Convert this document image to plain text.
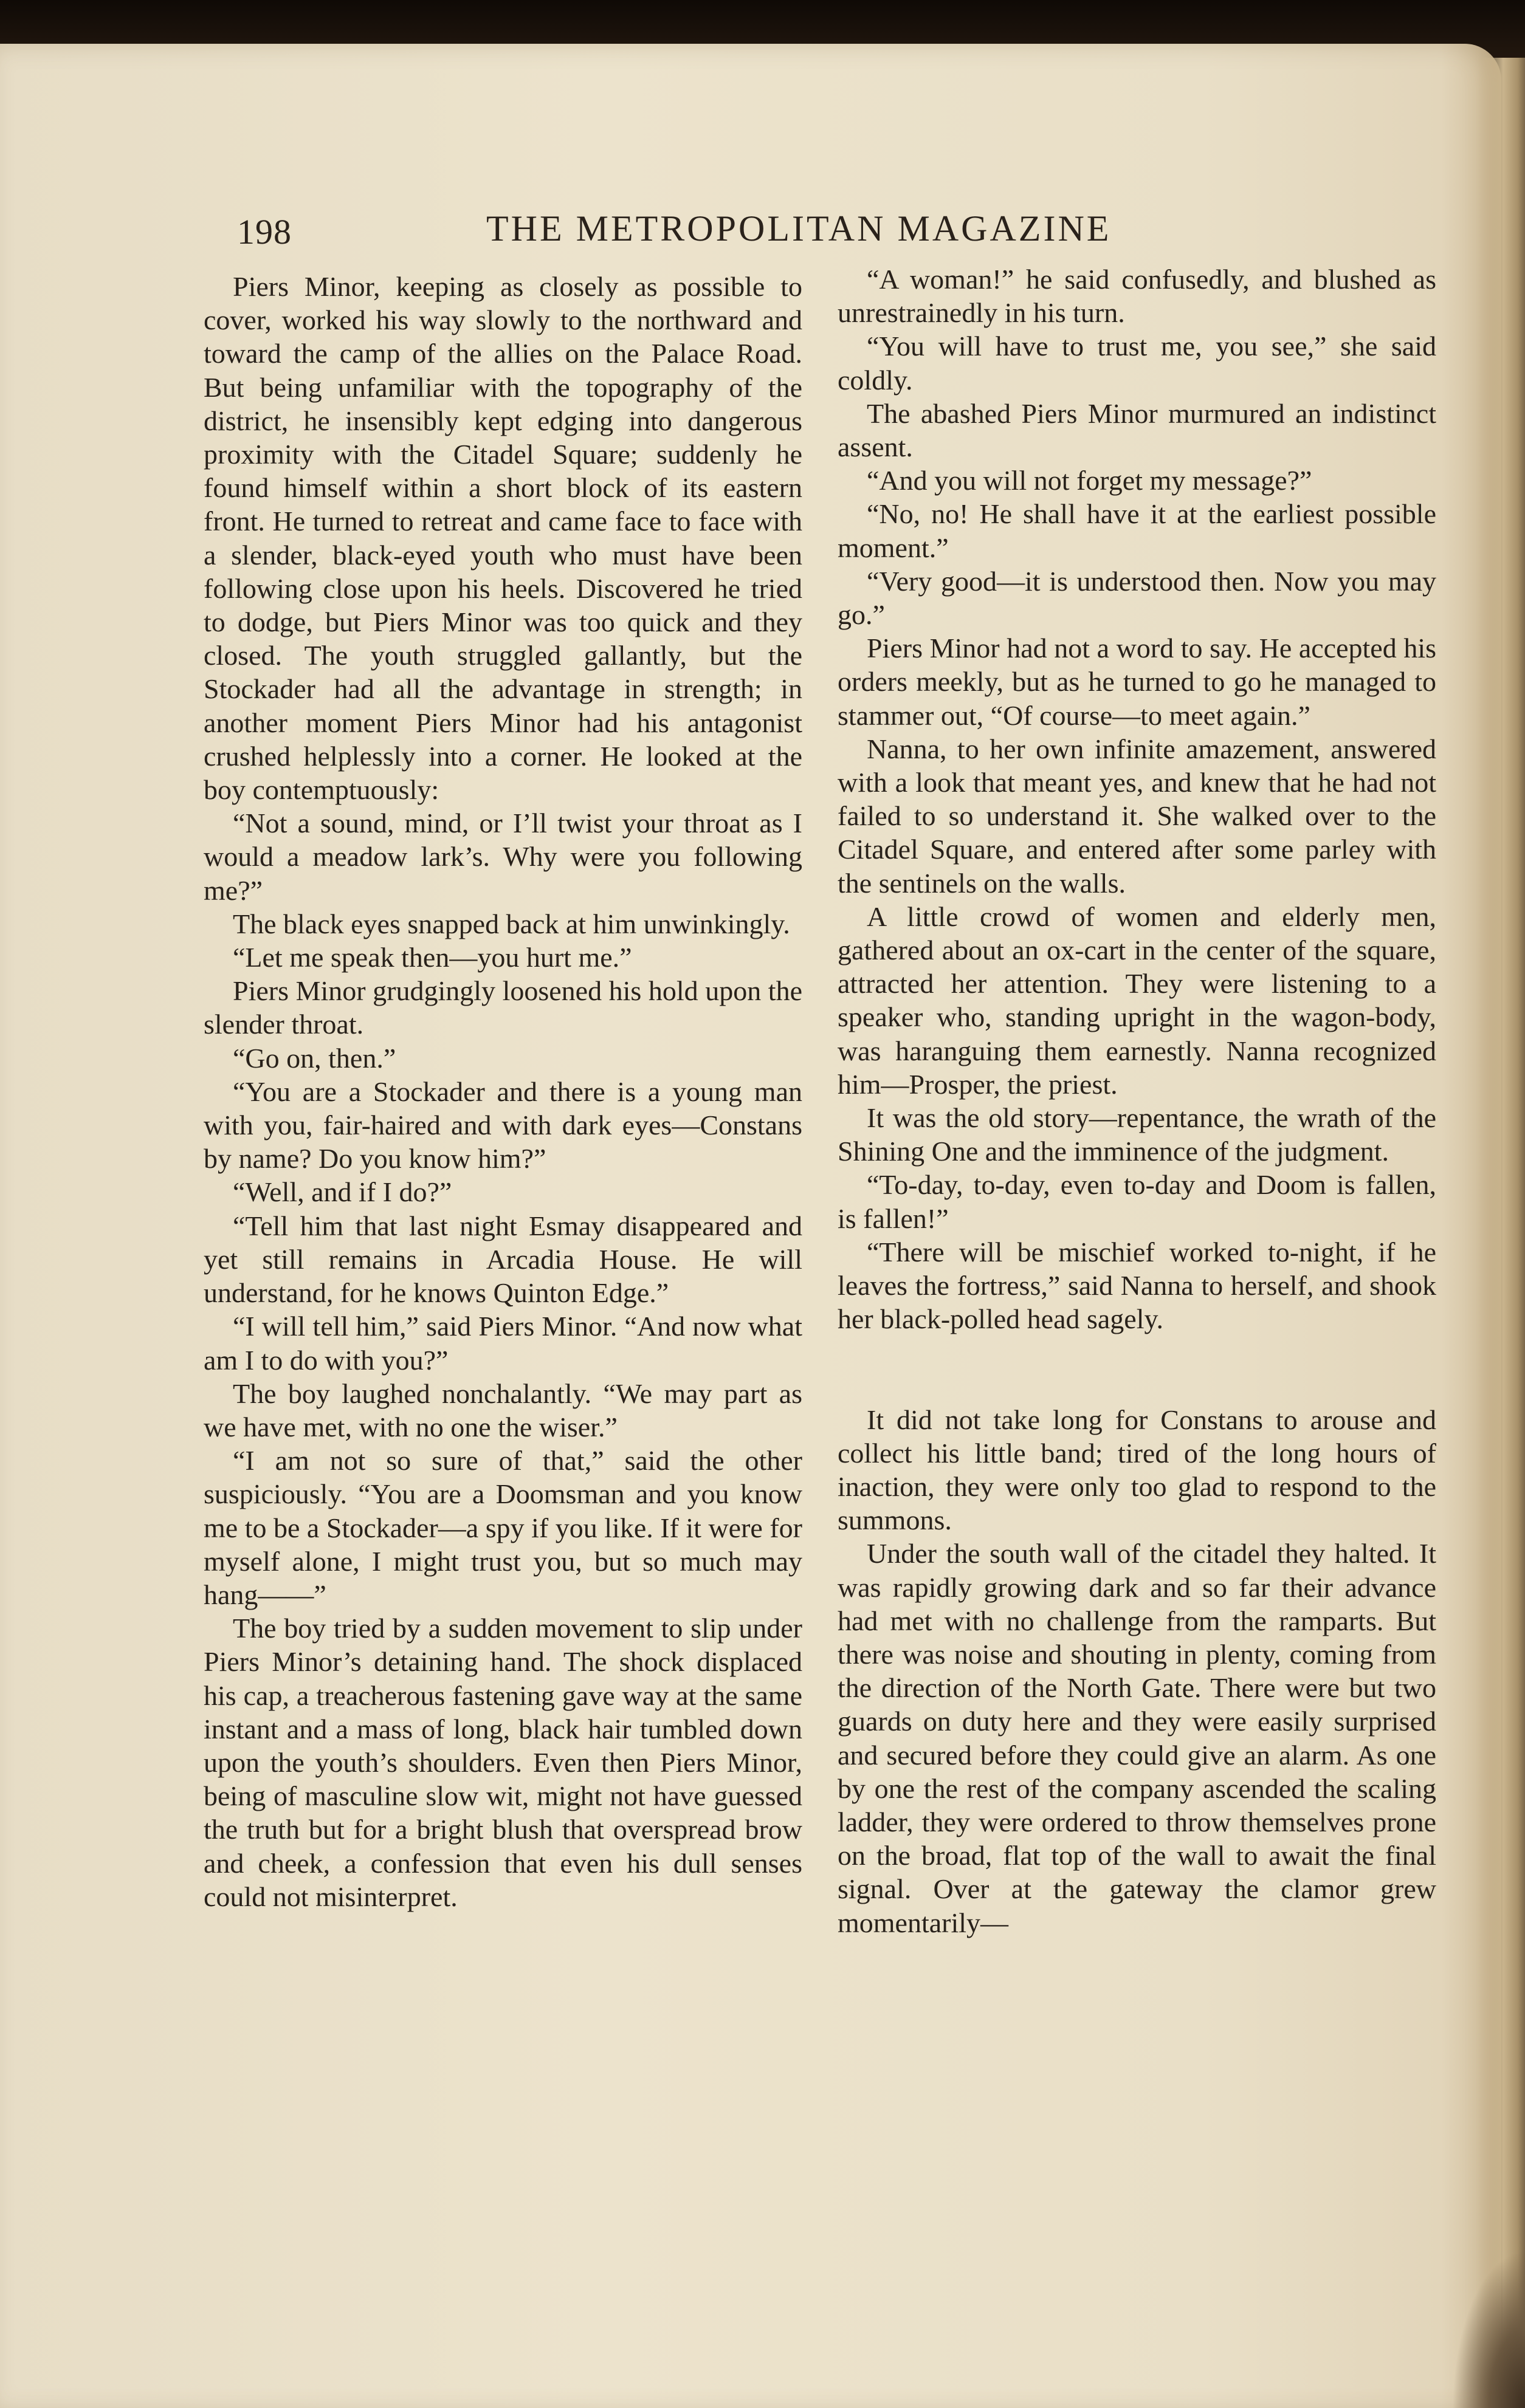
198	THE METROPOLITAN MAGAZINE

Piers Minor, keeping as closely as possible to cover, worked his way slowly to the northward and toward the camp of the allies on the Palace Road. But being unfamiliar with the topography of the district, he insensibly kept edging into dangerous proximity with the Citadel Square; suddenly he found himself within a short block of its eastern front. He turned to retreat and came face to face with a slender, black-eyed youth who must have been following close upon his heels. Discovered he tried to dodge, but Piers Minor was too quick and they closed. The youth struggled gallantly, but the Stockader had all the advantage in strength; in another moment Piers Minor had his antagonist crushed helplessly into a corner. He looked at the boy contemptuously:

“Not a sound, mind, or I’ll twist your throat as I would a meadow lark’s. Why were you following me?”

The black eyes snapped back at him unwinkingly.

“Let me speak then—you hurt me.”

Piers Minor grudgingly loosened his hold upon the slender throat.

“Go on, then.”

“You are a Stockader and there is a young man with you, fair-haired and with dark eyes—Constans by name? Do you know him?”

“Well, and if I do?”

“Tell him that last night Esmay disappeared and yet still remains in Arcadia House. He will understand, for he knows Quinton Edge.”

“I will tell him,” said Piers Minor. “And now what am I to do with you?”

The boy laughed nonchalantly. “We may part as we have met, with no one the wiser.”

“I am not so sure of that,” said the other suspiciously. “You are a Doomsman and you know me to be a Stockader—a spy if you like. If it were for myself alone, I might trust you, but so much may hang——”

The boy tried by a sudden movement to slip under Piers Minor’s detaining hand. The shock displaced his cap, a treacherous fastening gave way at the same instant and a mass of long, black hair tumbled down upon the youth’s shoulders. Even then Piers Minor, being of masculine slow wit, might not have guessed the truth but for a bright blush that overspread brow and cheek, a confession that even his dull senses could not misinterpret.

“A woman!” he said confusedly, and blushed as unrestrainedly in his turn.

“You will have to trust me, you see,” she said coldly.

The abashed Piers Minor murmured an indistinct assent.

“And you will not forget my message?”

“No, no! He shall have it at the earliest possible moment.”

“Very good—it is understood then. Now you may go.”

Piers Minor had not a word to say. He accepted his orders meekly, but as he turned to go he managed to stammer out, “Of course—to meet again.”

Nanna, to her own infinite amazement, answered with a look that meant yes, and knew that he had not failed to so understand it. She walked over to the Citadel Square, and entered after some parley with the sentinels on the walls.

A little crowd of women and elderly men, gathered about an ox-cart in the center of the square, attracted her attention. They were listening to a speaker who, standing upright in the wagon-body, was haranguing them earnestly. Nanna recognized him—Prosper, the priest.

It was the old story—repentance, the wrath of the Shining One and the imminence of the judgment.

“To-day, to-day, even to-day and Doom is fallen, is fallen!”

“There will be mischief worked to-night, if he leaves the fortress,” said Nanna to herself, and shook her black-polled head sagely.

It did not take long for Constans to arouse and collect his little band; tired of the long hours of inaction, they were only too glad to respond to the summons.

Under the south wall of the citadel they halted. It was rapidly growing dark and so far their advance had met with no challenge from the ramparts. But there was noise and shouting in plenty, coming from the direction of the North Gate. There were but two guards on duty here and they were easily surprised and secured before they could give an alarm. As one by one the rest of the company ascended the scaling ladder, they were ordered to throw themselves prone on the broad, flat top of the wall to await the final signal. Over at the gateway the clamor grew momentarily—
